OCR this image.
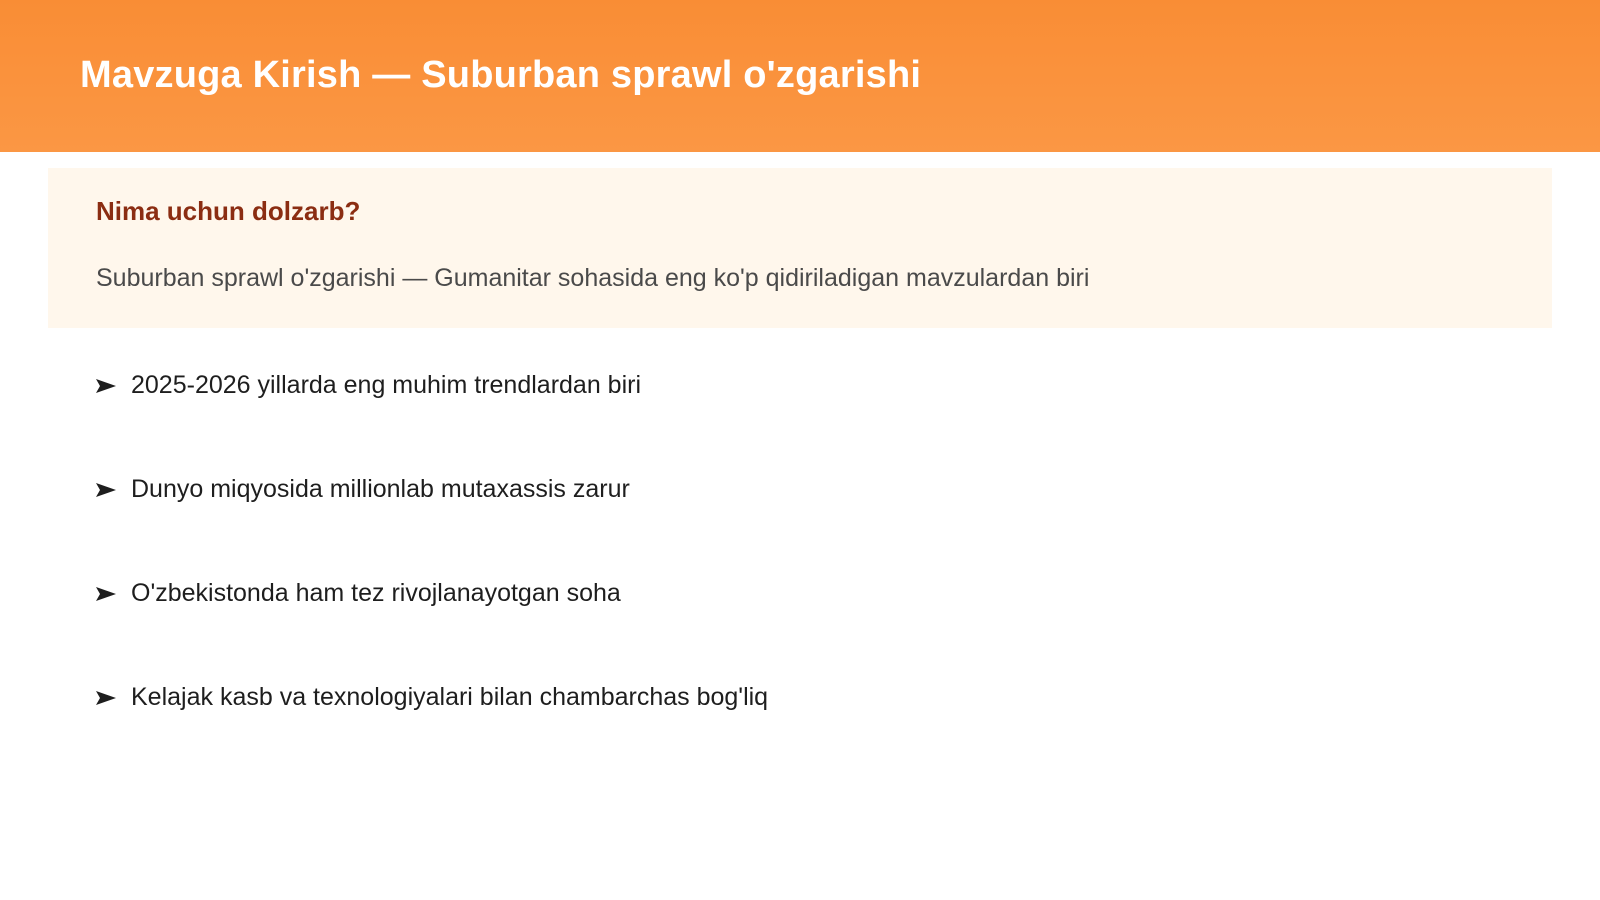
Mavzuga Kirish — Suburban sprawl o'zgarishi
Nima uchun dolzarb?

Suburban sprawl o'zgarishi — Gumanitar sohasida eng ko'p qidiriladigan mavzulardan biri

2025-2026 yillarda eng muhim trendlardan biri
Dunyo miqyosida millionlab mutaxassis zarur
O'zbekistonda ham tez rivojlanayotgan soha
Kelajak kasb va texnologiyalari bilan chambarchas bog'liq
